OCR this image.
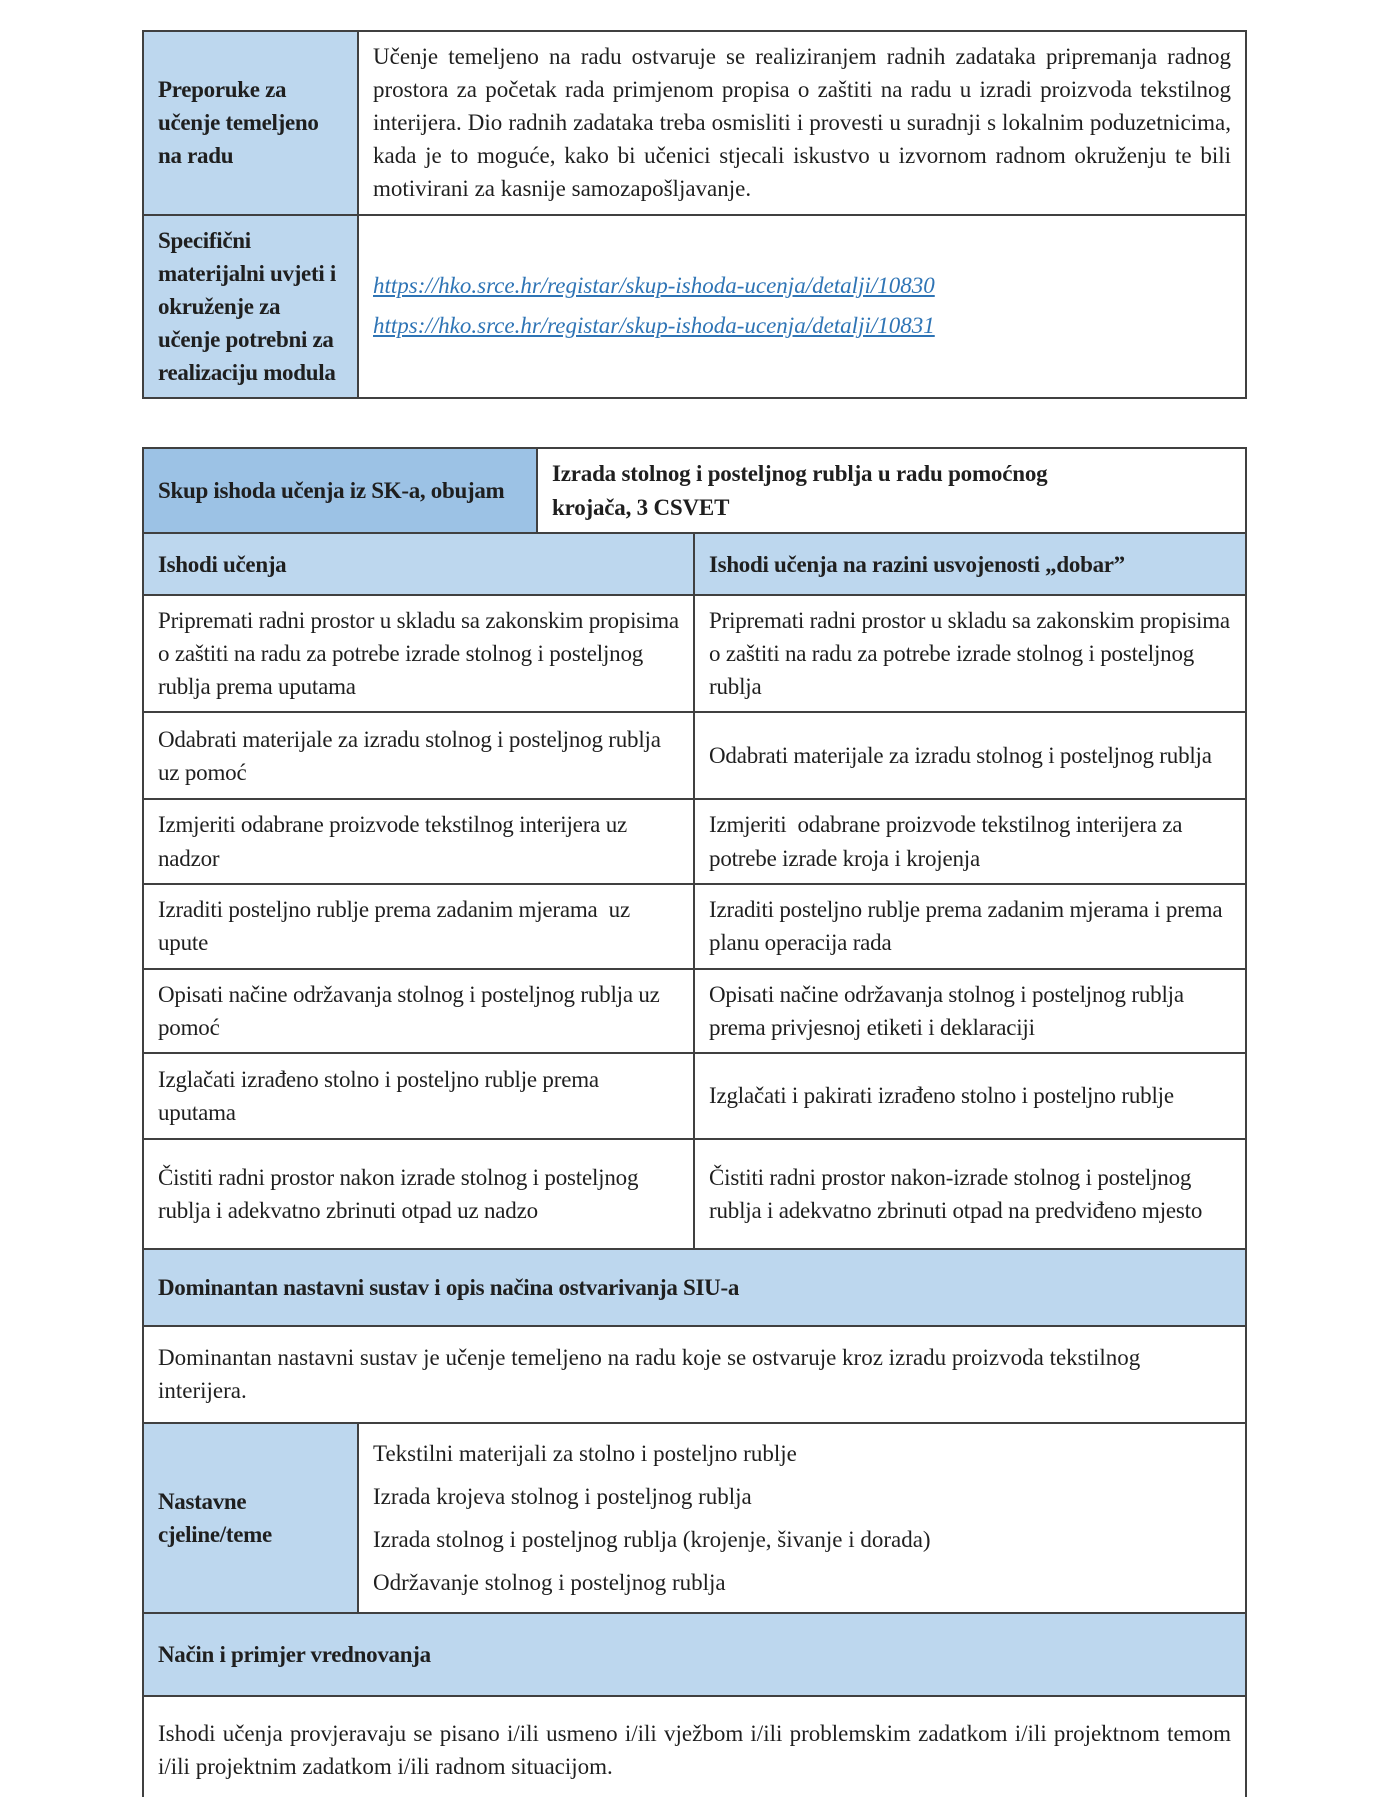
Preporuke za učenje temeljeno na radu	Učenje temeljeno na radu ostvaruje se realiziranjem radnih zadataka pripremanja radnog prostora za početak rada primjenom propisa o zaštiti na radu u izradi proizvoda tekstilnog interijera. Dio radnih zadataka treba osmisliti i provesti u suradnji s lokalnim poduzetnicima, kada je to moguće, kako bi učenici stjecali iskustvo u izvornom radnom okruženju te bili motivirani za kasnije samozapošljavanje.
Specifični materijalni uvjeti i okruženje za učenje potrebni za realizaciju modula	https://hko.srce.hr/registar/skup-ishoda-ucenja/detalji/10830
https://hko.srce.hr/registar/skup-ishoda-ucenja/detalji/10831
Skup ishoda učenja iz SK-a, obujam		Izrada stolnog i posteljnog rublja u radu pomoćnog krojača, 3 CSVET	
Ishodi učenja			Ishodi učenja na razini usvojenosti „dobar”
Pripremati radni prostor u skladu sa zakonskim propisima o zaštiti na radu za potrebe izrade stolnog i posteljnog rublja prema uputama			Pripremati radni prostor u skladu sa zakonskim propisima o zaštiti na radu za potrebe izrade stolnog i posteljnog rublja
Odabrati materijale za izradu stolnog i posteljnog rublja uz pomoć			Odabrati materijale za izradu stolnog i posteljnog rublja
Izmjeriti odabrane proizvode tekstilnog interijera uz nadzor			Izmjeriti  odabrane proizvode tekstilnog interijera za potrebe izrade kroja i krojenja
Izraditi posteljno rublje prema zadanim mjerama  uz upute			Izraditi posteljno rublje prema zadanim mjerama i prema planu operacija rada
Opisati načine održavanja stolnog i posteljnog rublja uz pomoć			Opisati načine održavanja stolnog i posteljnog rublja prema privjesnoj etiketi i deklaraciji
Izglačati izrađeno stolno i posteljno rublje prema uputama			Izglačati i pakirati izrađeno stolno i posteljno rublje
Čistiti radni prostor nakon izrade stolnog i posteljnog rublja i adekvatno zbrinuti otpad uz nadzo			Čistiti radni prostor nakon-izrade stolnog i posteljnog rublja i adekvatno zbrinuti otpad na predviđeno mjesto
Dominantan nastavni sustav i opis načina ostvarivanja SIU-a			
Dominantan nastavni sustav je učenje temeljeno na radu koje se ostvaruje kroz izradu proizvoda tekstilnog interijera.			
Nastavne cjeline/teme	Tekstilni materijali za stolno i posteljno rublje
Izrada krojeva stolnog i posteljnog rublja
Izrada stolnog i posteljnog rublja (krojenje, šivanje i dorada)
Održavanje stolnog i posteljnog rublja		

Način i primjer vrednovanja			
Ishodi učenja provjeravaju se pisano i/ili usmeno i/ili vježbom i/ili problemskim zadatkom i/ili projektnom temom i/ili projektnim zadatkom i/ili radnom situacijom.			
